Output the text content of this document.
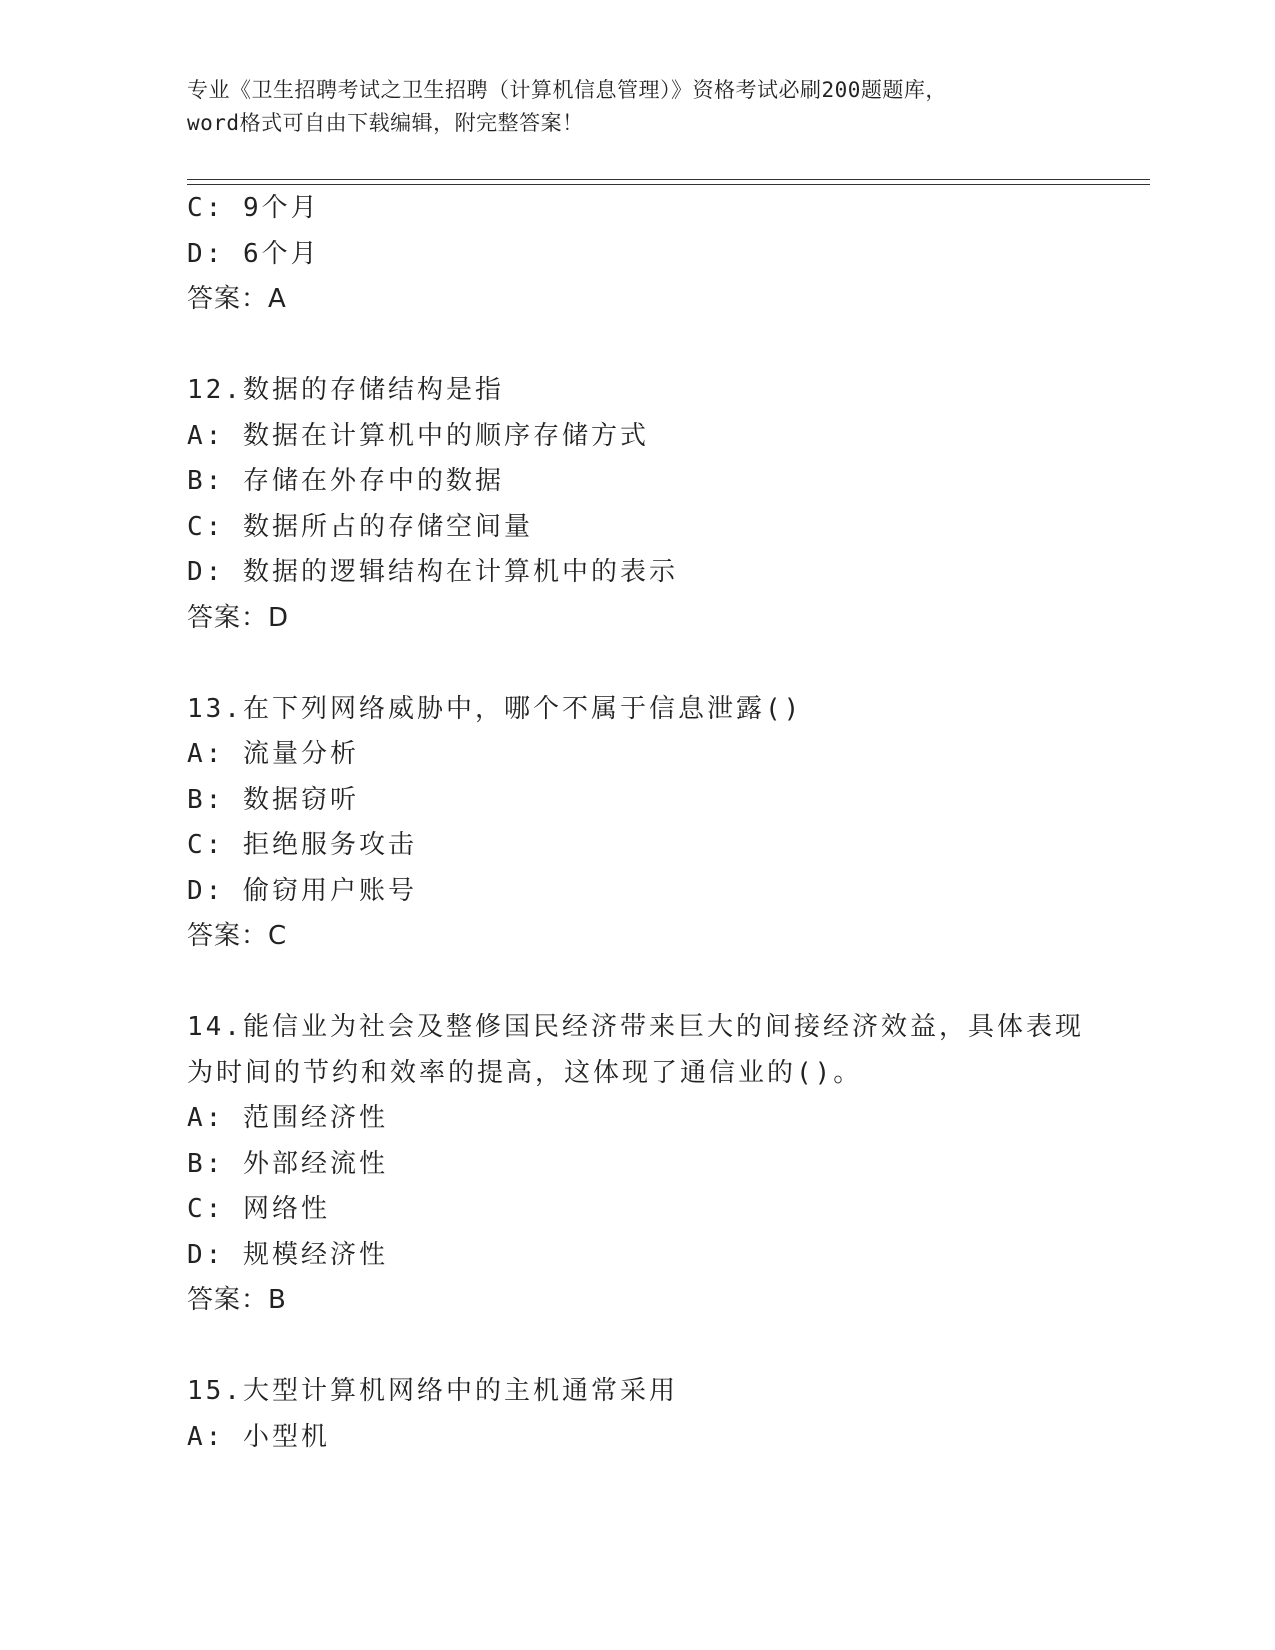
专业《卫生招聘考试之卫生招聘（计算机信息管理）》资格考试必刷200题题库，
word格式可自由下载编辑，附完整答案！
C: 9个月
D: 6个月
答案：A
12.数据的存储结构是指
A: 数据在计算机中的顺序存储方式
B: 存储在外存中的数据
C: 数据所占的存储空间量
D: 数据的逻辑结构在计算机中的表示
答案：D
13.在下列网络威胁中，哪个不属于信息泄露()
A: 流量分析
B: 数据窃听
C: 拒绝服务攻击
D: 偷窃用户账号
答案：C
14.能信业为社会及整修国民经济带来巨大的间接经济效益，具体表现
为时间的节约和效率的提高，这体现了通信业的()。
A: 范围经济性
B: 外部经流性
C: 网络性
D: 规模经济性
答案：B
15.大型计算机网络中的主机通常采用
A: 小型机
